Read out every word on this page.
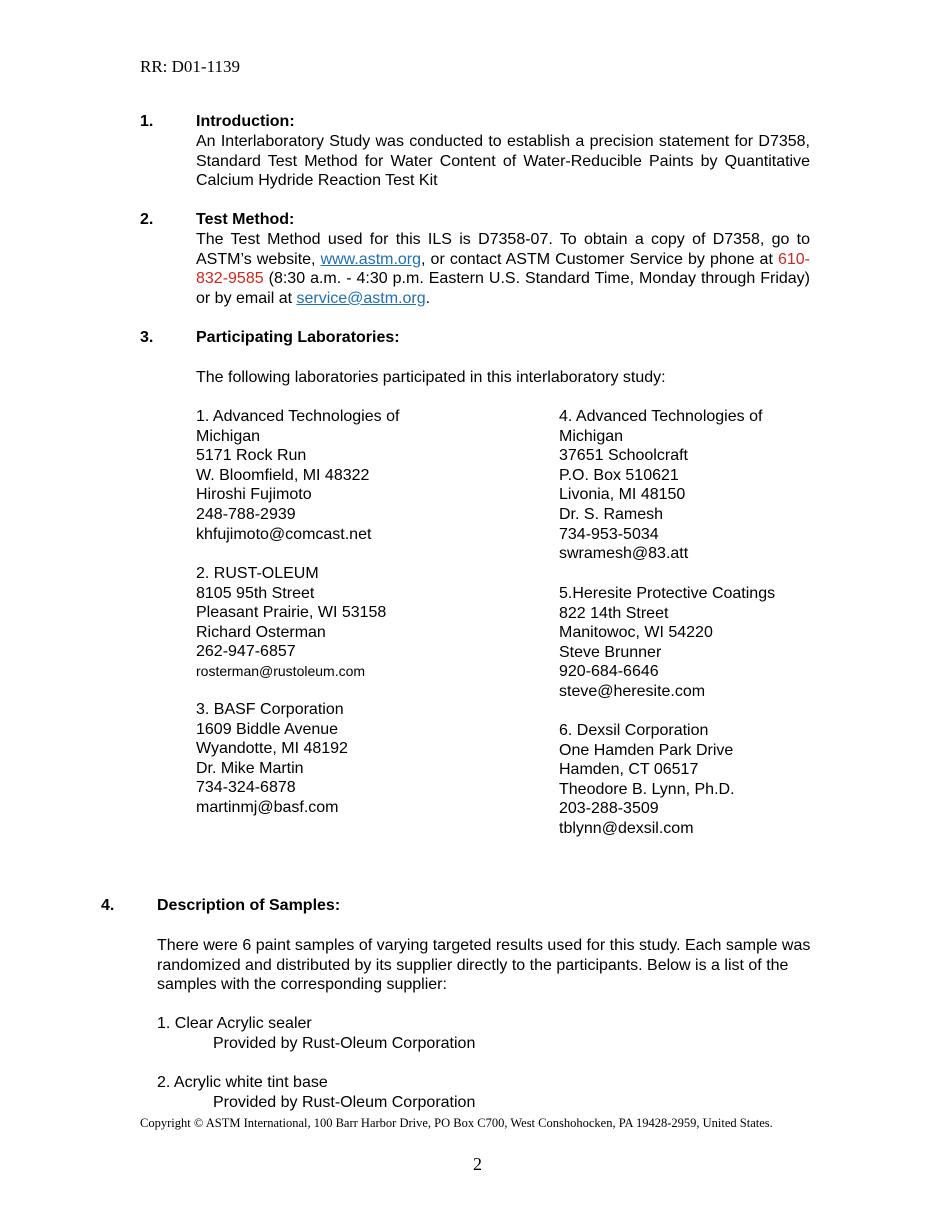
RR: D01-1139
1.	Introduction:
An Interlaboratory Study was conducted to establish a precision statement for D7358, Standard Test Method for Water Content of Water-Reducible Paints by Quantitative Calcium Hydride Reaction Test Kit
2.	Test Method:
The Test Method used for this ILS is D7358-07. To obtain a copy of D7358, go to ASTM’s website, www.astm.org, or contact ASTM Customer Service by phone at 610-832-9585 (8:30 a.m. - 4:30 p.m. Eastern U.S. Standard Time, Monday through Friday) or by email at service@astm.org.
3.	Participating Laboratories:
The following laboratories participated in this interlaboratory study:
1. Advanced Technologies of
Michigan
5171 Rock Run
W. Bloomfield, MI 48322
Hiroshi Fujimoto
248-788-2939
khfujimoto@comcast.net
2. RUST-OLEUM
8105 95th Street
Pleasant Prairie, WI 53158
Richard Osterman
262-947-6857
rosterman@rustoleum.com
3. BASF Corporation
1609 Biddle Avenue
Wyandotte, MI 48192
Dr. Mike Martin
734-324-6878
martinmj@basf.com
4. Advanced Technologies of
Michigan
37651 Schoolcraft
P.O. Box 510621
Livonia, MI 48150
Dr. S. Ramesh
734-953-5034
swramesh@83.att
5.Heresite Protective Coatings
822 14th Street
Manitowoc, WI 54220
Steve Brunner
920-684-6646
steve@heresite.com
6. Dexsil Corporation
One Hamden Park Drive
Hamden, CT 06517
Theodore B. Lynn, Ph.D.
203-288-3509
tblynn@dexsil.com
4.	Description of Samples:
There were 6 paint samples of varying targeted results used for this study. Each sample was randomized and distributed by its supplier directly to the participants. Below is a list of the samples with the corresponding supplier:
1. Clear Acrylic sealer
Provided by Rust-Oleum Corporation
2. Acrylic white tint base
Provided by Rust-Oleum Corporation
Copyright © ASTM International, 100 Barr Harbor Drive, PO Box C700, West Conshohocken, PA 19428-2959, United States.
2
